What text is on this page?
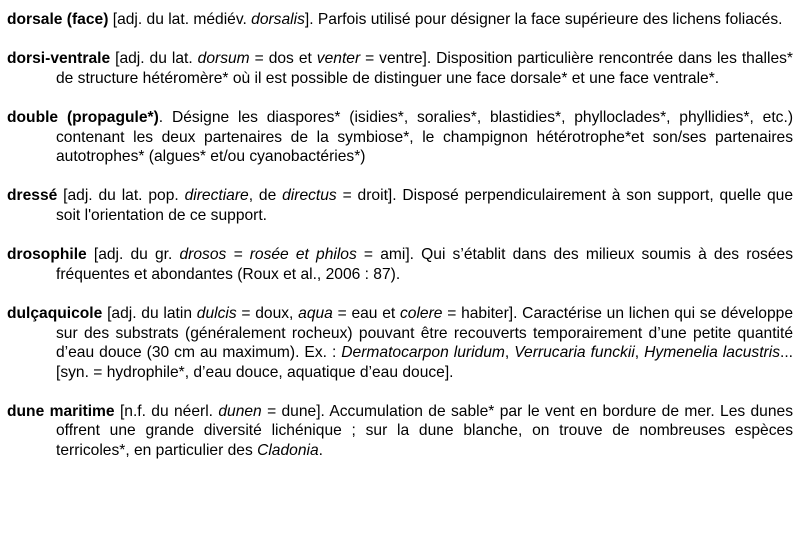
dorsale (face) [adj. du lat. médiév. dorsalis]. Parfois utilisé pour désigner la face supérieure des lichens foliacés.

dorsi-ventrale [adj. du lat. dorsum = dos et venter = ventre]. Disposition particulière rencontrée dans les thalles* de structure hétéromère* où il est possible de distinguer une face dorsale* et une face ventrale*.

double (propagule*). Désigne les diaspores* (isidies*, soralies*, blastidies*, phylloclades*, phyllidies*, etc.) contenant les deux partenaires de la symbiose*, le champignon hétérotrophe*et son/ses partenaires autotrophes* (algues* et/ou cyanobactéries*)

dressé [adj. du lat. pop. directiare, de directus = droit]. Disposé perpendiculairement à son support, quelle que soit l'orientation de ce support.

drosophile [adj. du gr. drosos = rosée et philos = ami]. Qui s’établit dans des milieux soumis à des rosées fréquentes et abondantes (Roux et al., 2006 : 87).

dulçaquicole [adj. du latin dulcis = doux, aqua = eau et colere = habiter]. Caractérise un lichen qui se développe sur des substrats (généralement rocheux) pouvant être recouverts temporairement d’une petite quantité d’eau douce (30 cm au maximum). Ex. : Dermatocarpon luridum, Verrucaria funckii, Hymenelia lacustris... [syn. = hydrophile*, d’eau douce, aquatique d’eau douce].

dune maritime [n.f. du néerl. dunen = dune]. Accumulation de sable* par le vent en bordure de mer. Les dunes offrent une grande diversité lichénique ; sur la dune blanche, on trouve de nombreuses espèces terricoles*, en particulier des Cladonia.
